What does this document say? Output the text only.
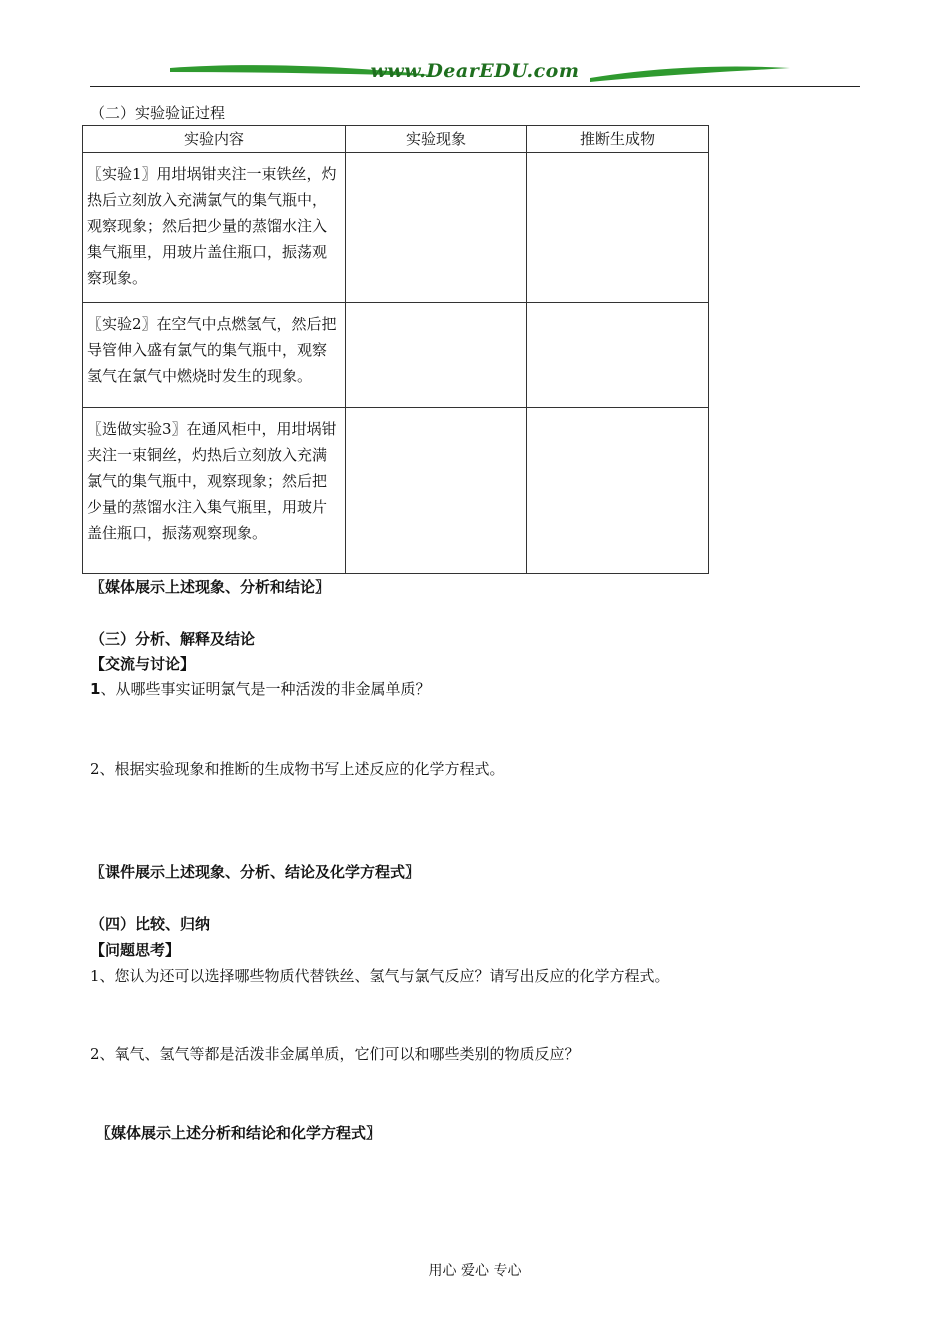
www.DearEDU.com
（二）实验验证过程
实验内容	实验现象	推断生成物
〖实验1〗用坩埚钳夹注一束铁丝，灼热后立刻放入充满氯气的集气瓶中，观察现象；然后把少量的蒸馏水注入集气瓶里，用玻片盖住瓶口，振荡观察现象。		
〖实验2〗在空气中点燃氢气，然后把导管伸入盛有氯气的集气瓶中，观察氢气在氯气中燃烧时发生的现象。		
〖选做实验3〗在通风柜中，用坩埚钳夹注一束铜丝，灼热后立刻放入充满氯气的集气瓶中，观察现象；然后把少量的蒸馏水注入集气瓶里，用玻片盖住瓶口，振荡观察现象。		
〖媒体展示上述现象、分析和结论〗
（三）分析、解释及结论
【交流与讨论】
1、从哪些事实证明氯气是一种活泼的非金属单质？
2、根据实验现象和推断的生成物书写上述反应的化学方程式。
〖课件展示上述现象、分析、结论及化学方程式〗
（四）比较、归纳
【问题思考】
1、您认为还可以选择哪些物质代替铁丝、氢气与氯气反应？请写出反应的化学方程式。
2、氧气、氢气等都是活泼非金属单质，它们可以和哪些类别的物质反应？
〖媒体展示上述分析和结论和化学方程式〗
用心 爱心 专心
